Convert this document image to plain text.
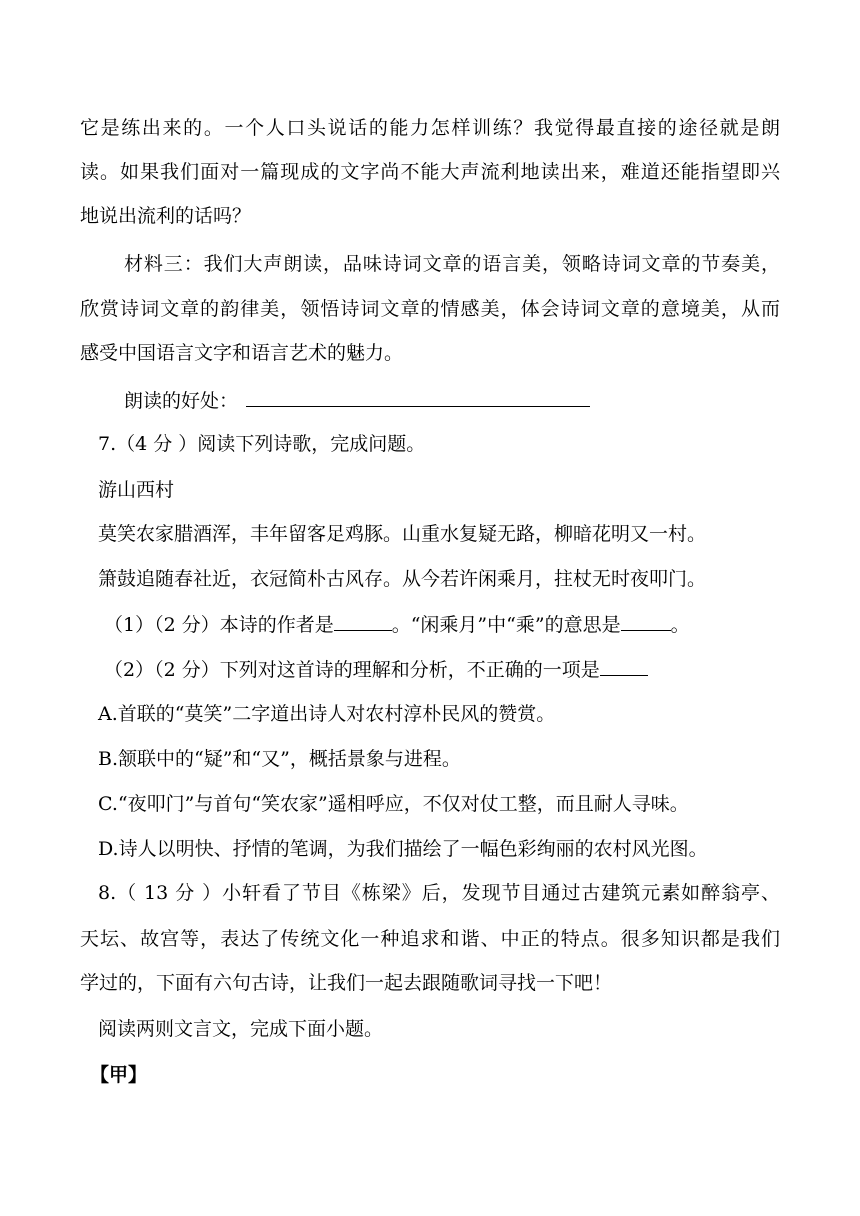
它是练出来的。一个人口头说话的能力怎样训练？我觉得最直接的途径就是朗
读。如果我们面对一篇现成的文字尚不能大声流利地读出来，难道还能指望即兴
地说出流利的话吗？
材料三：我们大声朗读，品味诗词文章的语言美，领略诗词文章的节奏美，
欣赏诗词文章的韵律美，领悟诗词文章的情感美，体会诗词文章的意境美，从而
感受中国语言文字和语言艺术的魅力。
朗读的好处：
7.（4 分 ）阅读下列诗歌，完成问题。
游山西村
莫笑农家腊酒浑，丰年留客足鸡豚。山重水复疑无路，柳暗花明又一村。
箫鼓追随春社近，衣冠简朴古风存。从今若许闲乘月，拄杖无时夜叩门。
（1）（2 分）本诗的作者是	。“闲乘月”中“乘”的意思是	。
（2）（2 分）下列对这首诗的理解和分析，不正确的一项是
A.首联的“莫笑”二字道出诗人对农村淳朴民风的赞赏。
B.颔联中的“疑”和“又”，概括景象与进程。
C.“夜叩门”与首句“笑农家”遥相呼应，不仅对仗工整，而且耐人寻味。
D.诗人以明快、抒情的笔调，为我们描绘了一幅色彩绚丽的农村风光图。
8.（ 13 分 ）小轩看了节目《栋梁》后，发现节目通过古建筑元素如醉翁亭、
天坛、故宫等，表达了传统文化一种追求和谐、中正的特点。很多知识都是我们
学过的，下面有六句古诗，让我们一起去跟随歌词寻找一下吧！
阅读两则文言文，完成下面小题。
【甲】
